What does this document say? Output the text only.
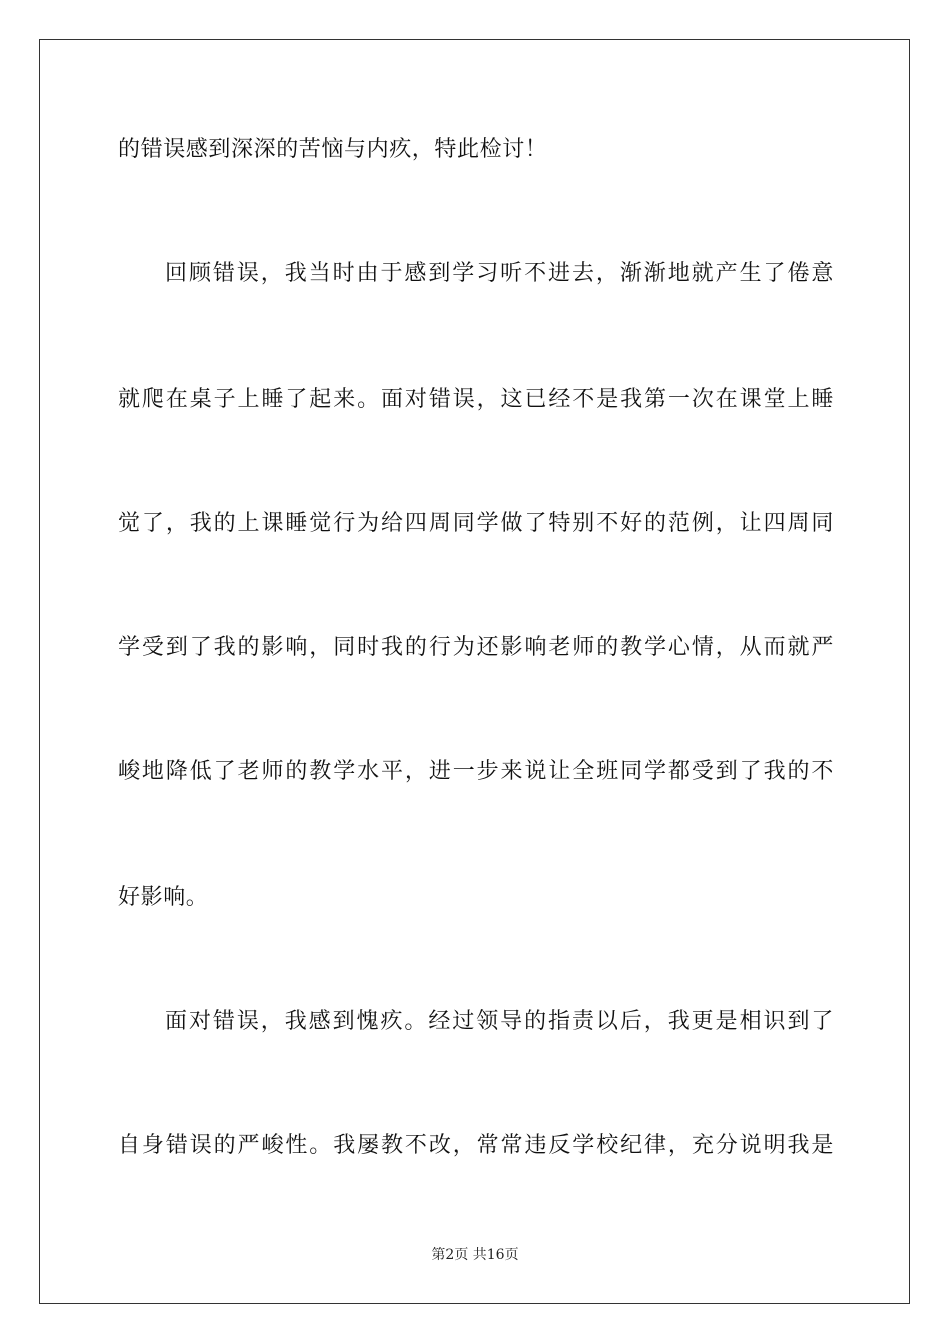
的错误感到深深的苦恼与内疚，特此检讨！
回顾错误，我当时由于感到学习听不进去，渐渐地就产生了倦意
就爬在桌子上睡了起来。面对错误，这已经不是我第一次在课堂上睡
觉了，我的上课睡觉行为给四周同学做了特别不好的范例，让四周同
学受到了我的影响，同时我的行为还影响老师的教学心情，从而就严
峻地降低了老师的教学水平，进一步来说让全班同学都受到了我的不
好影响。
面对错误，我感到愧疚。经过领导的指责以后，我更是相识到了
自身错误的严峻性。我屡教不改，常常违反学校纪律，充分说明我是
第2页 共16页
